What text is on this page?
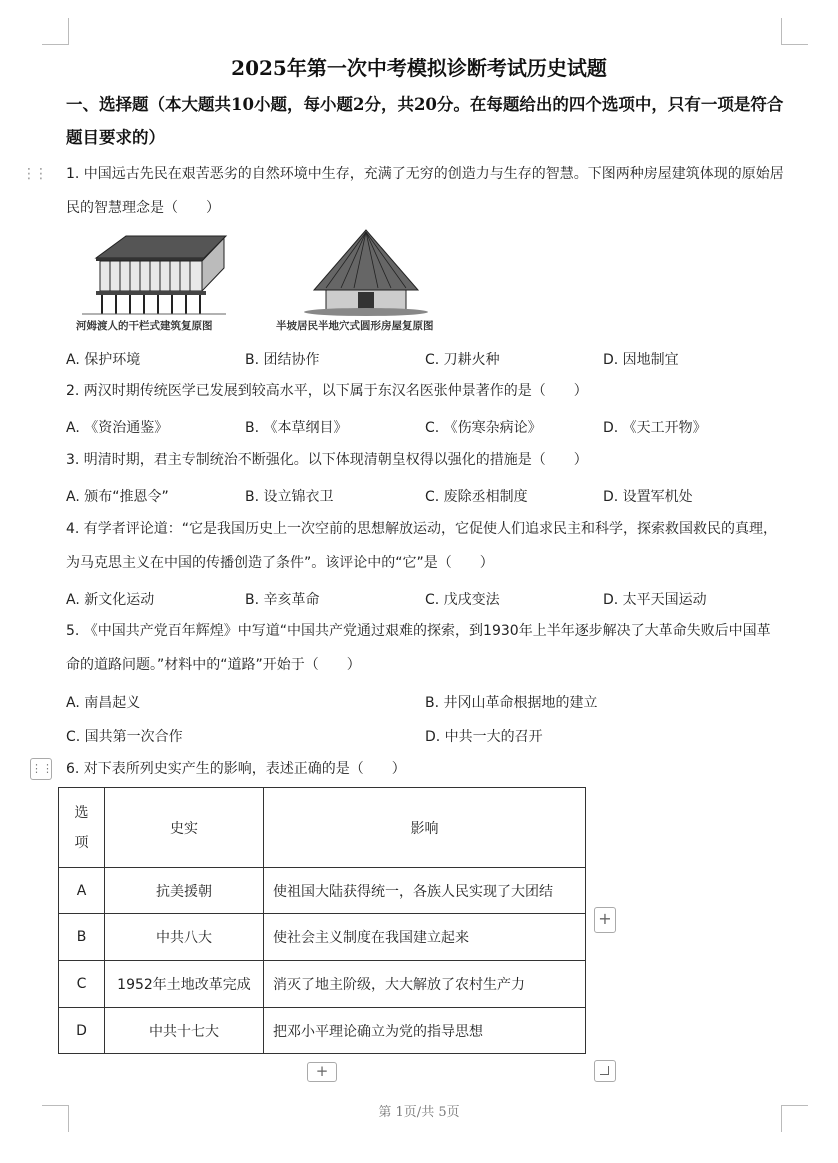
2025年第一次中考模拟诊断考试历史试题
一、选择题（本大题共10小题，每小题2分，共20分。在每题给出的四个选项中，只有一项是符合题目要求的）
⋮⋮ 1. 中国远古先民在艰苦恶劣的自然环境中生存，充满了无穷的创造力与生存的智慧。下图两种房屋建筑体现的原始居民的智慧理念是（　　）
河姆渡人的干栏式建筑复原图	半坡居民半地穴式圆形房屋复原图
A. 保护环境	B. 团结协作	C. 刀耕火种	D. 因地制宜
2. 两汉时期传统医学已发展到较高水平，以下属于东汉名医张仲景著作的是（　　）
A. 《资治通鉴》	B. 《本草纲目》	C. 《伤寒杂病论》	D. 《天工开物》
3. 明清时期，君主专制统治不断强化。以下体现清朝皇权得以强化的措施是（　　）
A. 颁布“推恩令”	B. 设立锦衣卫	C. 废除丞相制度	D. 设置军机处
4. 有学者评论道：“它是我国历史上一次空前的思想解放运动，它促使人们追求民主和科学，探索救国救民的真理，为马克思主义在中国的传播创造了条件”。该评论中的“它”是（　　）
A. 新文化运动	B. 辛亥革命	C. 戊戌变法	D. 太平天国运动
5. 《中国共产党百年辉煌》中写道“中国共产党通过艰难的探索，到1930年上半年逐步解决了大革命失败后中国革命的道路问题。”材料中的“道路”开始于（　　）
A. 南昌起义	B. 井冈山革命根据地的建立
C. 国共第一次合作	D. 中共一大的召开
⋮⋮ 6. 对下表所列史实产生的影响，表述正确的是（　　）
选
项	史实	影响
A	抗美援朝	使祖国大陆获得统一，各族人民实现了大团结
B	中共八大	使社会主义制度在我国建立起来
C	1952年土地改革完成	消灭了地主阶级，大大解放了农村生产力
D	中共十七大	把邓小平理论确立为党的指导思想
+
+
第 1页/共 5页
